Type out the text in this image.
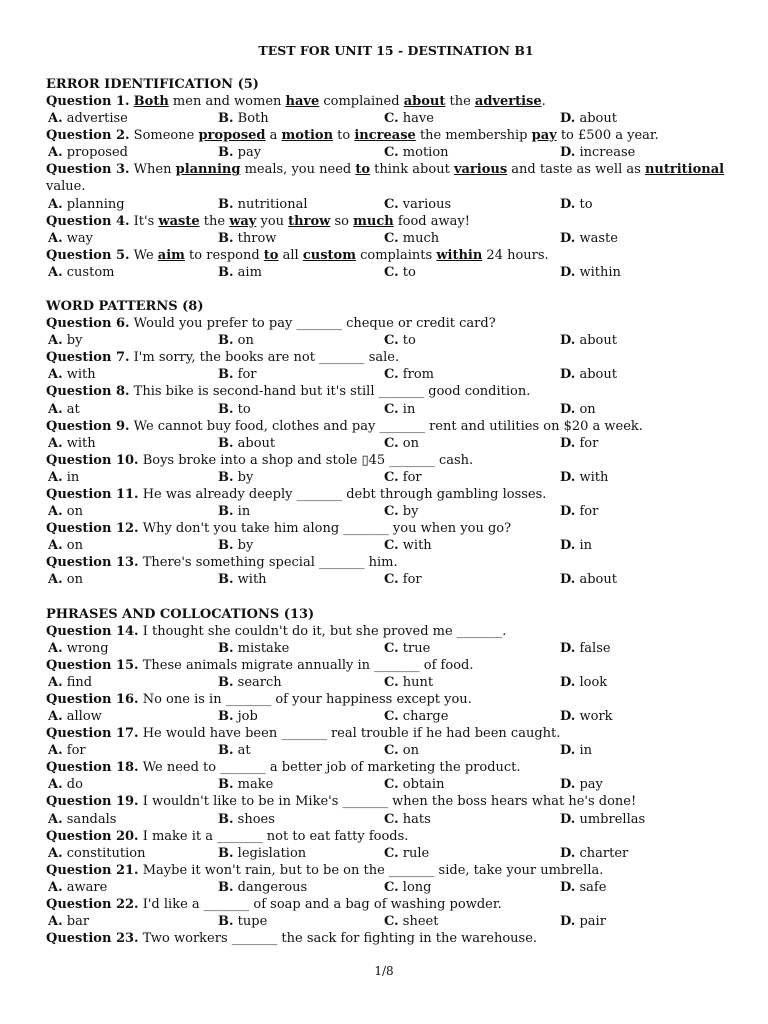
TEST FOR UNIT 15 - DESTINATION B1
ERROR IDENTIFICATION (5)
Question 1. Both men and women have complained about the advertise.
A. advertise	B. Both	C. have	D. about
Question 2. Someone proposed a motion to increase the membership pay to £500 a year.
A. proposed	B. pay	C. motion	D. increase
Question 3. When planning meals, you need to think about various and taste as well as nutritional value.
A. planning	B. nutritional	C. various	D. to
Question 4. It's waste the way you throw so much food away!
A. way	B. throw	C. much	D. waste
Question 5. We aim to respond to all custom complaints within 24 hours.
A. custom	B. aim	C. to	D. within
WORD PATTERNS (8)
Question 6. Would you prefer to pay _______ cheque or credit card?
A. by	B. on	C. to	D. about
Question 7. I'm sorry, the books are not _______ sale.
A. with	B. for	C. from	D. about
Question 8. This bike is second-hand but it's still _______ good condition.
A. at	B. to	C. in	D. on
Question 9. We cannot buy food, clothes and pay _______ rent and utilities on $20 a week.
A. with	B. about	C. on	D. for
Question 10. Boys broke into a shop and stole ▯45 _______ cash.
A. in	B. by	C. for	D. with
Question 11. He was already deeply _______ debt through gambling losses.
A. on	B. in	C. by	D. for
Question 12. Why don't you take him along _______ you when you go?
A. on	B. by	C. with	D. in
Question 13. There's something special _______ him.
A. on	B. with	C. for	D. about
PHRASES AND COLLOCATIONS (13)
Question 14. I thought she couldn't do it, but she proved me _______.
A. wrong	B. mistake	C. true	D. false
Question 15. These animals migrate annually in _______ of food.
A. find	B. search	C. hunt	D. look
Question 16. No one is in _______ of your happiness except you.
A. allow	B. job	C. charge	D. work
Question 17. He would have been _______ real trouble if he had been caught.
A. for	B. at	C. on	D. in
Question 18. We need to _______ a better job of marketing the product.
A. do	B. make	C. obtain	D. pay
Question 19. I wouldn't like to be in Mike's _______ when the boss hears what he's done!
A. sandals	B. shoes	C. hats	D. umbrellas
Question 20. I make it a _______ not to eat fatty foods.
A. constitution	B. legislation	C. rule	D. charter
Question 21. Maybe it won't rain, but to be on the _______ side, take your umbrella.
A. aware	B. dangerous	C. long	D. safe
Question 22. I'd like a _______ of soap and a bag of washing powder.
A. bar	B. tupe	C. sheet	D. pair
Question 23. Two workers _______ the sack for fighting in the warehouse.
1/8
